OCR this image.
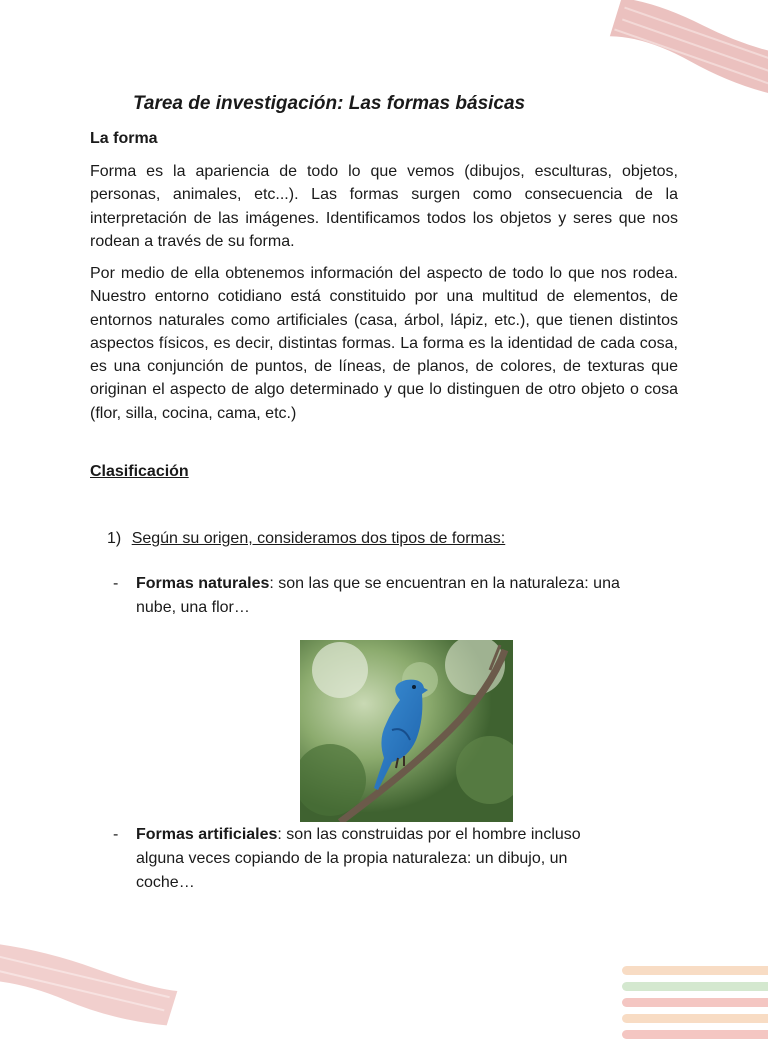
Tarea de investigación: Las formas básicas
La forma

Forma es la apariencia de todo lo que vemos (dibujos, esculturas, objetos, personas, animales, etc...). Las formas surgen como consecuencia de la interpretación de las imágenes. Identificamos todos los objetos y seres que nos rodean a través de su forma.

Por medio de ella obtenemos información del aspecto de todo lo que nos rodea. Nuestro entorno cotidiano está constituido por una multitud de elementos, de entornos naturales como artificiales (casa, árbol, lápiz, etc.), que tienen distintos aspectos físicos, es decir, distintas formas. La forma es la identidad de cada cosa, es una conjunción de puntos, de líneas, de planos, de colores, de texturas que originan el aspecto de algo determinado y que lo distinguen de otro objeto o cosa (flor, silla, cocina, cama, etc.)

Clasificación
1) Según su origen, consideramos dos tipos de formas:
- Formas naturales: son las que se encuentran en la naturaleza: una
nube, una flor…
- Formas artificiales: son las construidas por el hombre incluso
alguna veces copiando de la propia naturaleza: un dibujo, un
coche…
